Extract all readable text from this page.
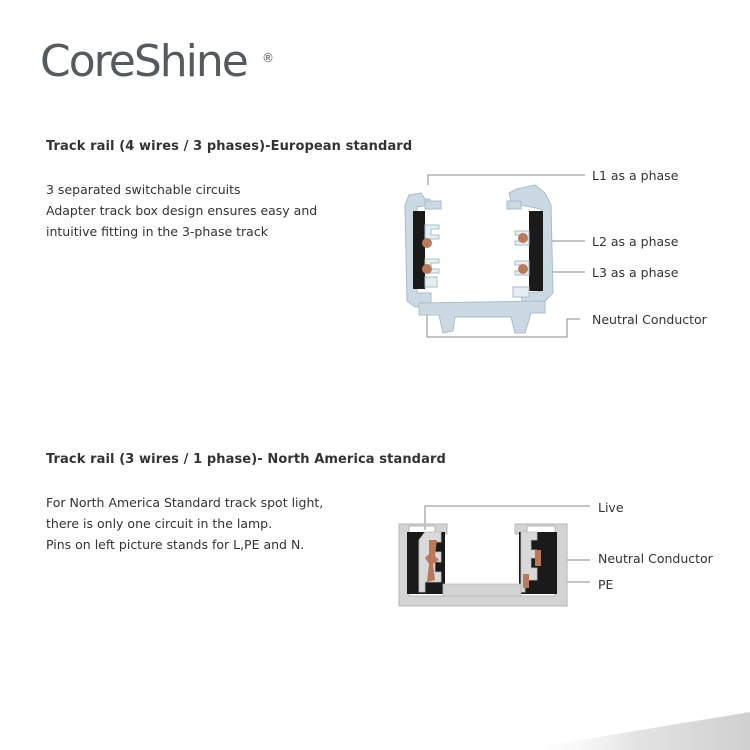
CoreShine ®
Track rail (4 wires / 3 phases)-European standard
3 separated switchable circuits
Adapter track box design ensures easy and
intuitive fitting in the 3-phase track
L1 as a phase
L2 as a phase
L3 as a phase
Neutral Conductor
Track rail (3 wires / 1 phase)- North America standard
For North America Standard track spot light,
there is only one circuit in the lamp.
Pins on left picture stands for L,PE and N.
Live
Neutral Conductor
PE
